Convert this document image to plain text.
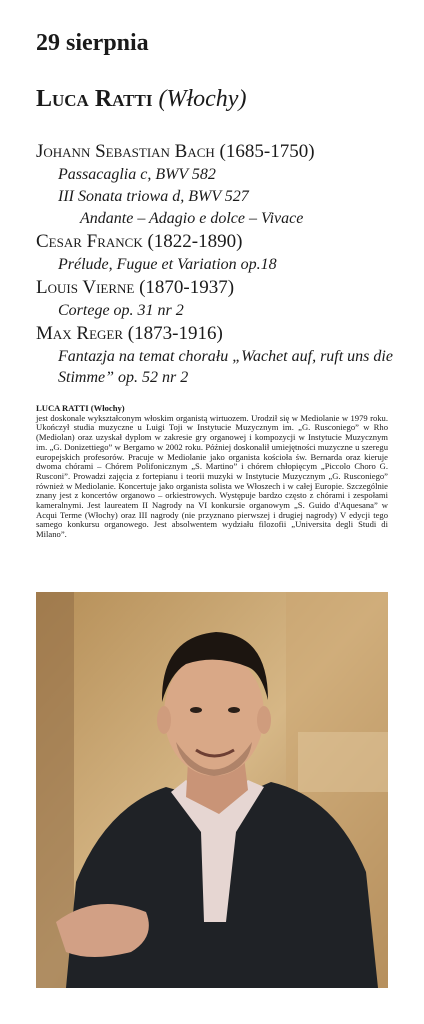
29 sierpnia
Luca Ratti (Włochy)
Johann Sebastian Bach (1685-1750)
Passacaglia c, BWV 582
III Sonata triowa d, BWV 527
Andante – Adagio e dolce – Vivace
Cesar Franck (1822-1890)
Prélude, Fugue et Variation op.18
Louis Vierne (1870-1937)
Cortege op. 31 nr 2
Max Reger (1873-1916)
Fantazja na temat chorału „Wachet auf, ruft uns die Stimme” op. 52 nr 2
LUCA RATTI (Włochy)
jest doskonale wykształconym włoskim organistą wirtuozem. Urodził się w Mediolanie w 1979 roku. Ukończył studia muzyczne u Luigi Toji w Instytucie Muzycznym im. „G. Rusconiego” w Rho (Mediolan) oraz uzyskał dyplom w zakresie gry organowej i kompozycji w Instytucie Muzycznym im. „G. Donizettiego” w Bergamo w 2002 roku. Później doskonalił umiejętności muzyczne u szeregu europejskich profesorów. Pracuje w Mediolanie jako organista kościoła św. Bernarda oraz kieruje dwoma chórami – Chórem Polifonicznym „S. Martino” i chórem chłopięcym „Piccolo Choro G. Rusconi”. Prowadzi zajęcia z fortepianu i teorii muzyki w Instytucie Muzycznym „G. Rusconiego” również w Mediolanie. Koncertuje jako organista solista we Włoszech i w całej Europie. Szczególnie znany jest z koncertów organowo – orkiestrowych. Występuje bardzo często z chórami i zespołami kameralnymi. Jest laureatem II Nagrody na VI konkursie organowym „S. Guido d'Aquesana” w Acqui Terme (Włochy) oraz III nagrody (nie przyznano pierwszej i drugiej nagrody) V edycji tego samego konkursu organowego. Jest absolwentem wydziału filozofii „Universita degli Studi di Milano”.
